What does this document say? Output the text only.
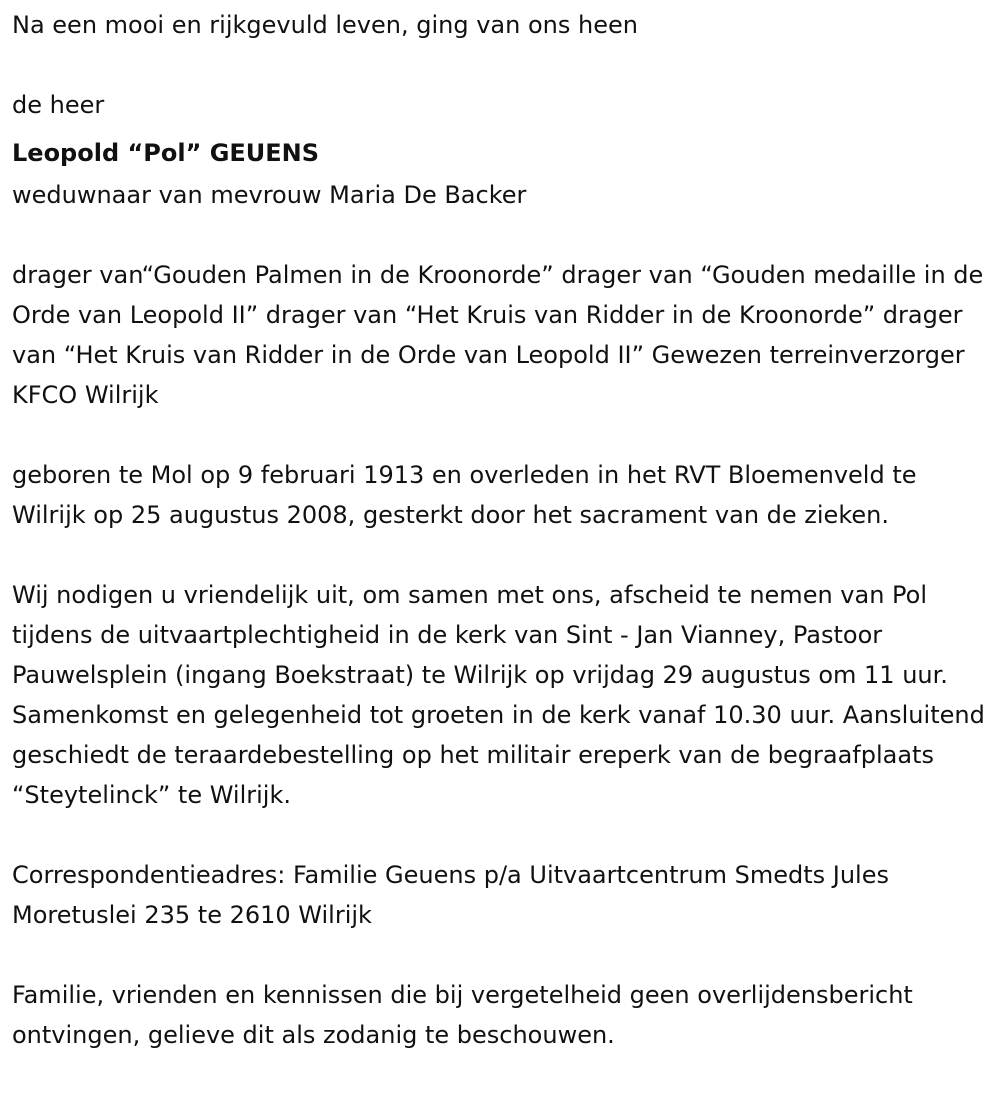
Na een mooi en rijkgevuld leven, ging van ons heen

de heer

Leopold “Pol” GEUENS

weduwnaar van mevrouw Maria De Backer

drager van“Gouden Palmen in de Kroonorde” drager van “Gouden medaille in de Orde van Leopold II” drager van “Het Kruis van Ridder in de Kroonorde” drager van “Het Kruis van Ridder in de Orde van Leopold II” Gewezen terreinverzorger KFCO Wilrijk

geboren te Mol op 9 februari 1913 en overleden in het RVT Bloemenveld te Wilrijk op 25 augustus 2008, gesterkt door het sacrament van de zieken.

Wij nodigen u vriendelijk uit, om samen met ons, afscheid te nemen van Pol tijdens de uitvaartplechtigheid in de kerk van Sint - Jan Vianney, Pastoor Pauwelsplein (ingang Boekstraat) te Wilrijk op vrijdag 29 augustus om 11 uur. Samenkomst en gelegenheid tot groeten in de kerk vanaf 10.30 uur. Aansluitend geschiedt de teraardebestelling op het militair ereperk van de begraafplaats “Steytelinck” te Wilrijk.

Correspondentieadres: Familie Geuens p/a Uitvaartcentrum Smedts Jules Moretuslei 235 te 2610 Wilrijk

Familie, vrienden en kennissen die bij vergetelheid geen overlijdensbericht ontvingen, gelieve dit als zodanig te beschouwen.
